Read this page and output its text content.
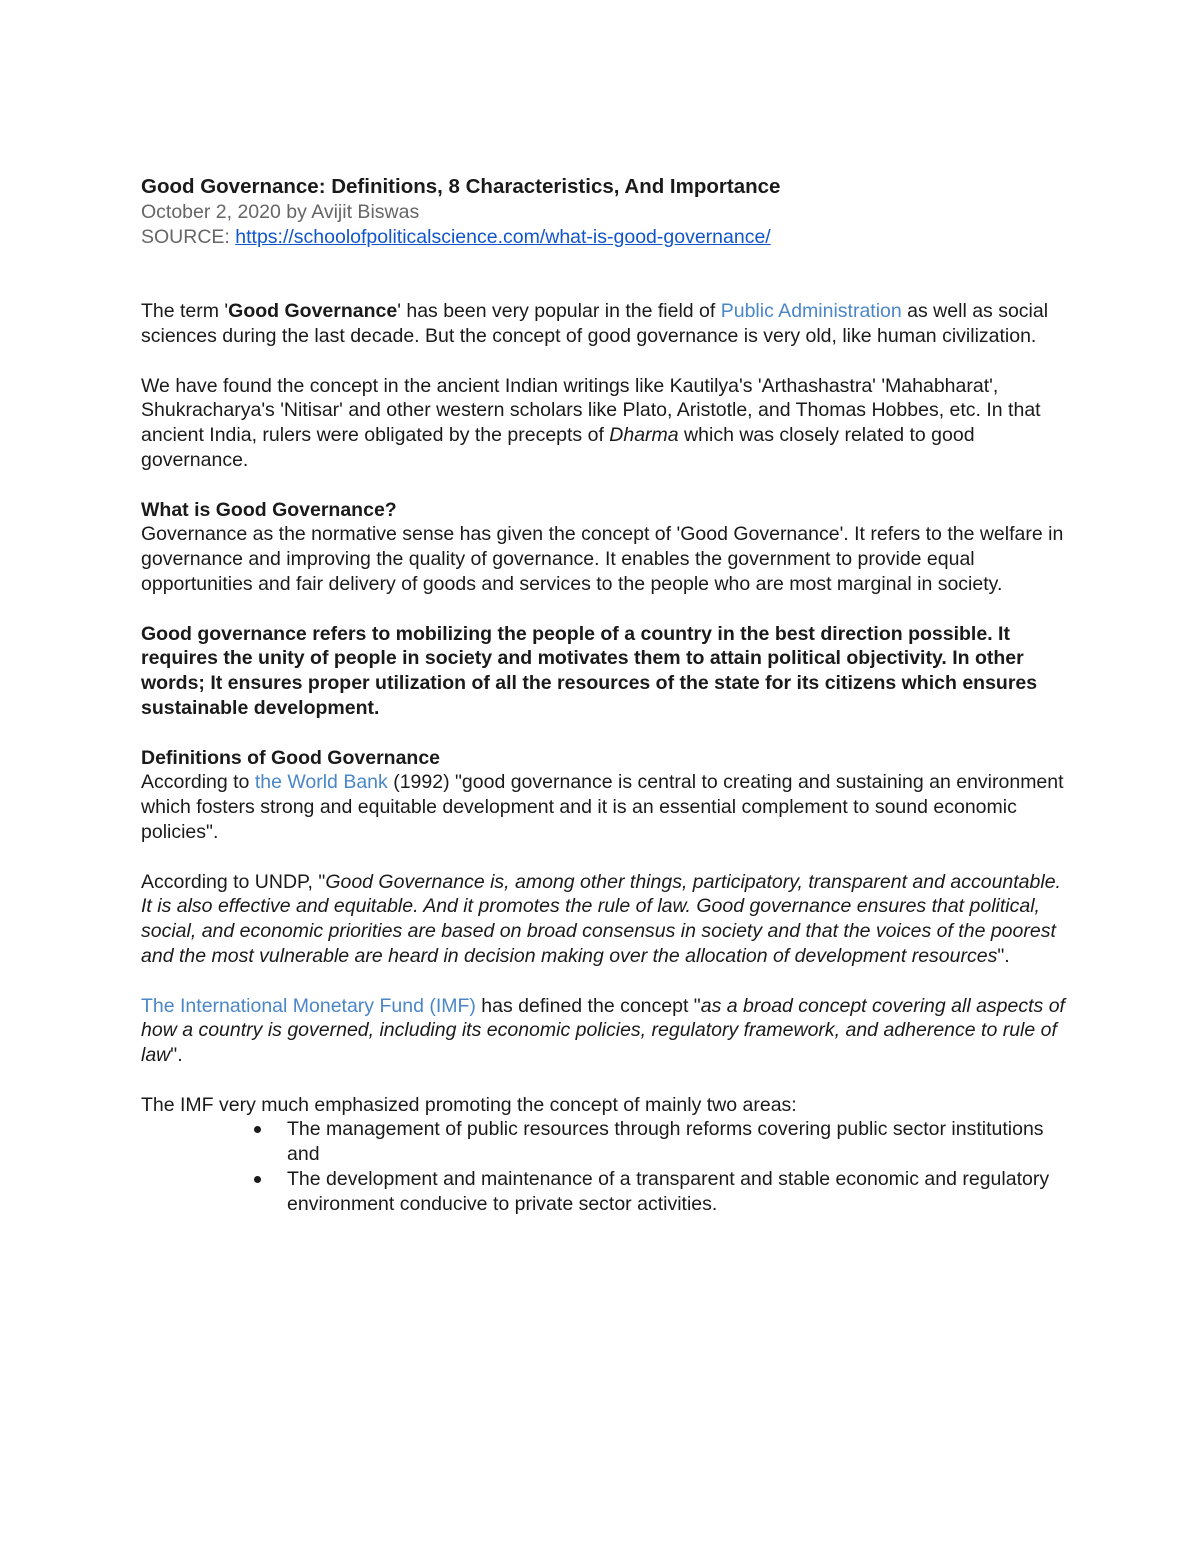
Good Governance: Definitions, 8 Characteristics, And Importance

October 2, 2020 by Avijit Biswas

SOURCE: https://schoolofpoliticalscience.com/what-is-good-governance/

The term 'Good Governance' has been very popular in the field of Public Administration as well as social sciences during the last decade. But the concept of good governance is very old, like human civilization.

We have found the concept in the ancient Indian writings like Kautilya's 'Arthashastra' 'Mahabharat', Shukracharya's 'Nitisar' and other western scholars like Plato, Aristotle, and Thomas Hobbes, etc. In that ancient India, rulers were obligated by the precepts of Dharma which was closely related to good governance.

What is Good Governance?

Governance as the normative sense has given the concept of 'Good Governance'. It refers to the welfare in governance and improving the quality of governance. It enables the government to provide equal opportunities and fair delivery of goods and services to the people who are most marginal in society.

Good governance refers to mobilizing the people of a country in the best direction possible. It requires the unity of people in society and motivates them to attain political objectivity. In other words; It ensures proper utilization of all the resources of the state for its citizens which ensures sustainable development.

Definitions of Good Governance

According to the World Bank (1992) "good governance is central to creating and sustaining an environment which fosters strong and equitable development and it is an essential complement to sound economic policies".

According to UNDP, "Good Governance is, among other things, participatory, transparent and accountable. It is also effective and equitable. And it promotes the rule of law. Good governance ensures that political, social, and economic priorities are based on broad consensus in society and that the voices of the poorest and the most vulnerable are heard in decision making over the allocation of development resources".

The International Monetary Fund (IMF) has defined the concept "as a broad concept covering all aspects of how a country is governed, including its economic policies, regulatory framework, and adherence to rule of law".

The IMF very much emphasized promoting the concept of mainly two areas:

The management of public resources through reforms covering public sector institutions and
The development and maintenance of a transparent and stable economic and regulatory environment conducive to private sector activities.
